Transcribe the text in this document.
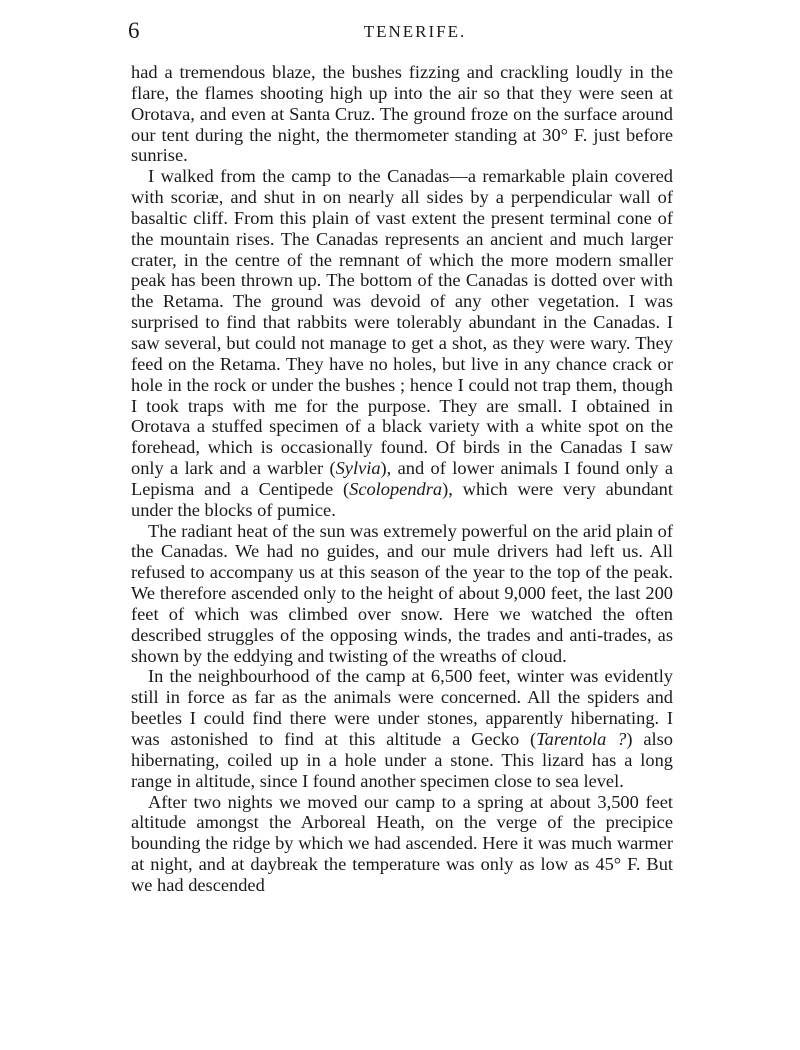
6	TENERIFE.

had a tremendous blaze, the bushes fizzing and crackling loudly in the flare, the flames shooting high up into the air so that they were seen at Orotava, and even at Santa Cruz. The ground froze on the surface around our tent during the night, the thermometer standing at 30° F. just before sunrise.

I walked from the camp to the Canadas—a remarkable plain covered with scoriæ, and shut in on nearly all sides by a perpendicular wall of basaltic cliff. From this plain of vast extent the present terminal cone of the mountain rises. The Canadas represents an ancient and much larger crater, in the centre of the remnant of which the more modern smaller peak has been thrown up. The bottom of the Canadas is dotted over with the Retama. The ground was devoid of any other vegetation. I was surprised to find that rabbits were tolerably abundant in the Canadas. I saw several, but could not manage to get a shot, as they were wary. They feed on the Retama. They have no holes, but live in any chance crack or hole in the rock or under the bushes ; hence I could not trap them, though I took traps with me for the purpose. They are small. I obtained in Orotava a stuffed specimen of a black variety with a white spot on the forehead, which is occasionally found. Of birds in the Canadas I saw only a lark and a warbler (Sylvia), and of lower animals I found only a Lepisma and a Centipede (Scolopendra), which were very abundant under the blocks of pumice.

The radiant heat of the sun was extremely powerful on the arid plain of the Canadas. We had no guides, and our mule drivers had left us. All refused to accompany us at this season of the year to the top of the peak. We therefore ascended only to the height of about 9,000 feet, the last 200 feet of which was climbed over snow. Here we watched the often described struggles of the opposing winds, the trades and anti-trades, as shown by the eddying and twisting of the wreaths of cloud.

In the neighbourhood of the camp at 6,500 feet, winter was evidently still in force as far as the animals were concerned. All the spiders and beetles I could find there were under stones, apparently hibernating. I was astonished to find at this altitude a Gecko (Tarentola ?) also hibernating, coiled up in a hole under a stone. This lizard has a long range in altitude, since I found another specimen close to sea level.

After two nights we moved our camp to a spring at about 3,500 feet altitude amongst the Arboreal Heath, on the verge of the precipice bounding the ridge by which we had ascended. Here it was much warmer at night, and at daybreak the temperature was only as low as 45° F. But we had descended
